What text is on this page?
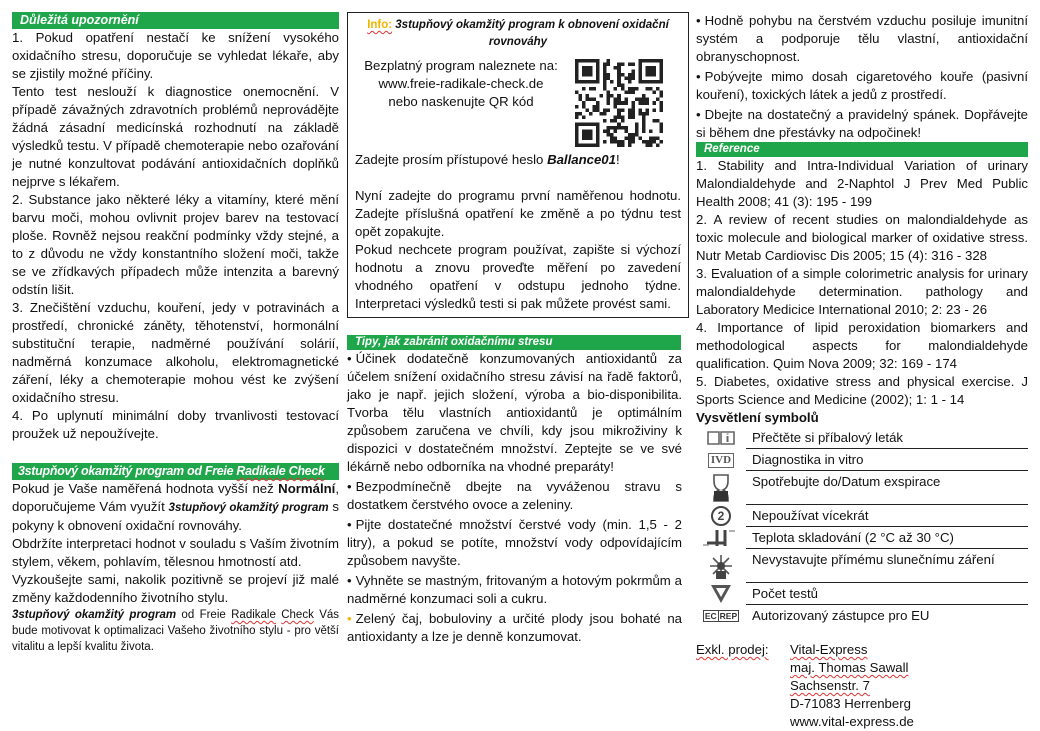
Důležitá upozornění

1. Pokud opatření nestačí ke snížení vysokého oxidačního stresu, doporučuje se vyhledat lékaře, aby se zjistily možné příčiny.

Tento test neslouží k diagnostice onemocnění. V případě závažných zdravotních problémů neprovádějte žádná zásadní medicínská rozhodnutí na základě výsledků testu. V případě chemoterapie nebo ozařování je nutné konzultovat podávání antioxidačních doplňků nejprve s lékařem.

2. Substance jako některé léky a vitamíny, které mění barvu moči, mohou ovlivnit projev barev na testovací ploše. Rovněž nejsou reakční podmínky vždy stejné, a to z důvodu ne vždy konstantního složení moči, takže se ve zřídkavých případech může intenzita a barevný odstín lišit.

3. Znečištění vzduchu, kouření, jedy v potravinách a prostředí, chronické záněty, těhotenství, hormonální substituční terapie, nadměrné používání solárií, nadměrná konzumace alkoholu, elektromagnetické záření, léky a chemoterapie mohou vést ke zvýšení oxidačního stresu.

4. Po uplynutí minimální doby trvanlivosti testovací proužek už nepoužívejte.

3stupňový okamžitý program od Freie Radikale Check

Pokud je Vaše naměřená hodnota vyšší než Normální, doporučujeme Vám využít 3stupňový okamžitý program s pokyny k obnovení oxidační rovnováhy.

Obdržíte interpretaci hodnot v souladu s Vaším životním stylem, věkem, pohlavím, tělesnou hmotností atd.

Vyzkoušejte sami, nakolik pozitivně se projeví již malé změny každodenního životního stylu.

3stupňový okamžitý program od Freie Radikale Check Vás bude motivovat k optimalizaci Vašeho životního stylu - pro větší vitalitu a lepší kvalitu života.

Info: 3stupňový okamžitý program k obnovení oxidační rovnováhy

Bezplatný program naleznete na:
www.freie-radikale-check.de
nebo naskenujte QR kód

Zadejte prosím přístupové heslo Ballance01!

Nyní zadejte do programu první naměřenou hodnotu. Zadejte příslušná opatření ke změně a po týdnu test opět zopakujte.

Pokud nechcete program používat, zapište si výchozí hodnotu a znovu proveďte měření po zavedení vhodného opatření v odstupu jednoho týdne. Interpretaci výsledků testi si pak můžete provést sami.

Tipy, jak zabránit oxidačnímu stresu

• Účinek dodatečně konzumovaných antioxidantů za účelem snížení oxidačního stresu závisí na řadě faktorů, jako je např. jejich složení, výroba a bio-disponibilita. Tvorba tělu vlastních antioxidantů je optimálním způsobem zaručena ve chvíli, kdy jsou mikroživiny k dispozici v dostatečném množství. Zeptejte se ve své lékárně nebo odborníka na vhodné preparáty!

• Bezpodmínečně dbejte na vyváženou stravu s dostatkem čerstvého ovoce a zeleniny.

• Pijte dostatečné množství čerstvé vody (min. 1,5 - 2 litry), a pokud se potíte, množství vody odpovídajícím způsobem navyšte.

• Vyhněte se mastným, fritovaným a hotovým pokrmům a nadměrné konzumaci soli a cukru.

• Zelený čaj, bobuloviny a určité plody jsou bohaté na antioxidanty a lze je denně konzumovat.

• Hodně pohybu na čerstvém vzduchu posiluje imunitní systém a podporuje tělu vlastní, antioxidační obranyschopnost.

• Pobývejte mimo dosah cigaretového kouře (pasivní kouření), toxických látek a jedů z prostředí.

• Dbejte na dostatečný a pravidelný spánek. Dopřávejte si během dne přestávky na odpočinek!

Reference

1. Stability and Intra-Individual Variation of urinary Malondialdehyde and 2-Naphtol J Prev Med Public Health 2008; 41 (3): 195 - 199

2. A review of recent studies on malondialdehyde as toxic molecule and biological marker of oxidative stress. Nutr Metab Cardiovisc Dis 2005; 15 (4): 316 - 328

3. Evaluation of a simple colorimetric analysis for urinary malondialdehyde determination. pathology and Laboratory Medicice International 2010; 2: 23 - 26

4. Importance of lipid peroxidation biomarkers and methodological aspects for malondialdehyde qualification. Quim Nova 2009; 32: 169 - 174

5. Diabetes, oxidative stress and physical exercise. J Sports Science and Medicine (2002); 1: 1 - 14

Vysvětlení symbolů
Přečtěte si příbalový leták
IVD	Diagnostika in vitro
Spotřebujte do/Datum exspirace
2	Nepoužívat vícekrát
Teplota skladování (2 °C až 30 °C)
Nevystavujte přímému slunečnímu záření
Počet testů
EC REP	Autorizovaný zástupce pro EU
Exkl. prodej:	Vital-Express
maj. Thomas Sawall
Sachsenstr. 7
D-71083 Herrenberg
www.vital-express.de
